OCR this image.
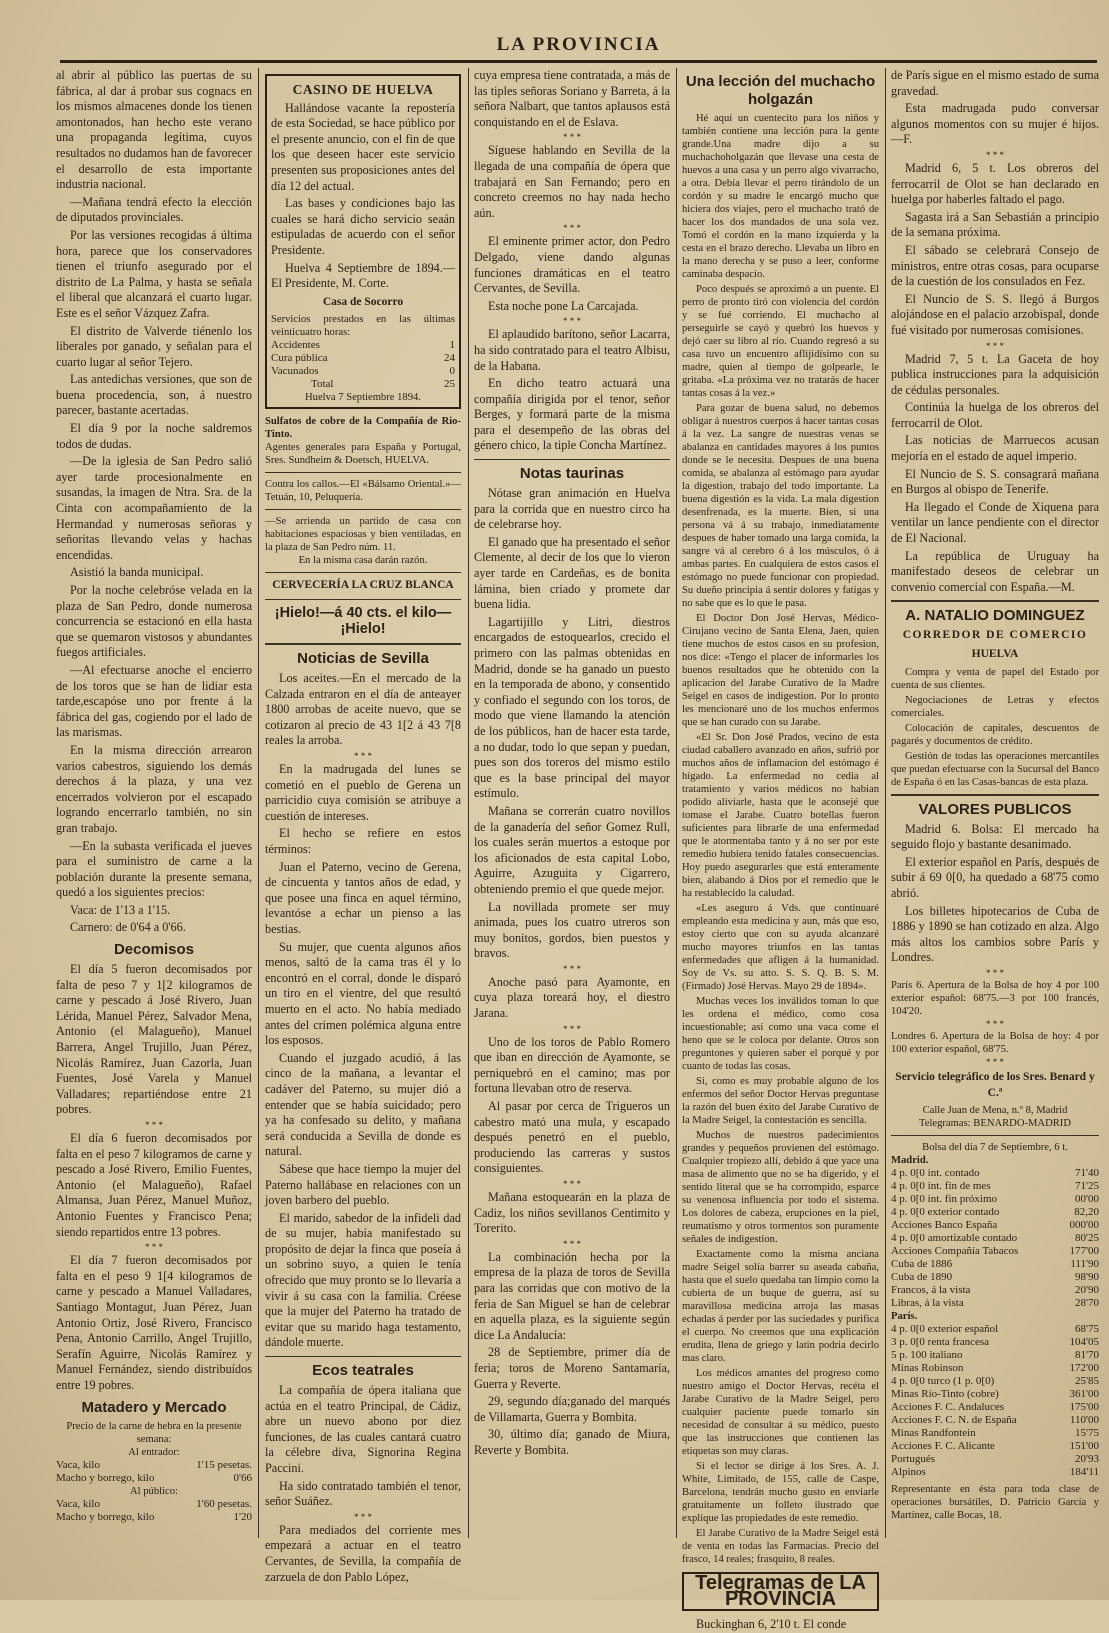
LA PROVINCIA

al abrir al público las puertas de su fábrica, al dar á probar sus cognacs en los mismos almacenes donde los tienen amontonados, han hecho este verano una propaganda legítima, cuyos resultados no dudamos han de favorecer el desarrollo de esta importante industria nacional.

—Mañana tendrá efecto la elección de diputados provinciales.

Por las versiones recogidas á última hora, parece que los conservadores tienen el triunfo asegurado por el distrito de La Palma, y hasta se señala el liberal que alcanzará el cuarto lugar. Este es el señor Vázquez Zafra.

El distrito de Valverde tiénenlo los liberales por ganado, y señalan para el cuarto lugar al señor Tejero.

Las antedichas versiones, que son de buena procedencia, son, á nuestro parecer, bastante acertadas.

El día 9 por la noche saldremos todos de dudas.

—De la iglesia de San Pedro salió ayer tarde procesionalmente en susandas, la imagen de Ntra. Sra. de la Cinta con acompañamiento de la Hermandad y numerosas señoras y señoritas llevando velas y hachas encendidas.

Asistió la banda municipal.

Por la noche celebróse velada en la plaza de San Pedro, donde numerosa concurrencia se estacionó en ella hasta que se quemaron vistosos y abundantes fuegos artificiales.

—Al efectuarse anoche el encierro de los toros que se han de lidiar esta tarde,escapóse uno por frente á la fábrica del gas, cogiendo por el lado de las marismas.

En la misma dirección arrearon varios cabestros, siguiendo los demás derechos á la plaza, y una vez encerrados volvieron por el escapado logrando encerrarlo también, no sin gran trabajo.

—En la subasta verificada el jueves para el suministro de carne a la población durante la presente semana, quedó a los siguientes precios:

Vaca: de 1'13 a 1'15.

Carnero: de 0'64 a 0'66.

Decomisos

El día 5 fueron decomisados por falta de peso 7 y 1[2 kilogramos de carne y pescado á José Rivero, Juan Lérida, Manuel Pérez, Salvador Mena, Antonio (el Malagueño), Manuel Barrera, Angel Trujillo, Juan Pérez, Nicolás Ramírez, Juan Cazorla, Juan Fuentes, José Varela y Manuel Valladares; repartiéndose entre 21 pobres.

* * *

El día 6 fueron decomisados por falta en el peso 7 kilogramos de carne y pescado a José Rivero, Emilio Fuentes, Antonio (el Malagueño), Rafael Almansa, Juan Pérez, Manuel Muñoz, Antonio Fuentes y Francisco Pena; siendo repartidos entre 13 pobres.

* * *

El día 7 fueron decomisados por falta en el peso 9 1[4 kilogramos de carne y pescado a Manuel Valladares, Santiago Montagut, Juan Pérez, Juan Antonio Ortiz, José Rivero, Francisco Pena, Antonio Carrillo, Angel Trujillo, Serafín Aguirre, Nicolás Ramírez y Manuel Fernández, siendo distribuídos entre 19 pobres.

Matadero y Mercado
Precio de la carne de hebra en la presente semana:
Al entrador:
Vaca, kilo	1'15 pesetas.
Macho y borrego, kilo	0'66
Al público:
Vaca, kilo	1'60 pesetas.
Macho y borrego, kilo	1'20
CASINO DE HUELVA

Hallándose vacante la repostería de esta Sociedad, se hace público por el presente anuncio, con el fin de que los que deseen hacer este servicio presenten sus proposiciones antes del día 12 del actual.

Las bases y condiciones bajo las cuales se hará dicho servicio seaán estipuladas de acuerdo con el señor Presidente.

Huelva 4 Septiembre de 1894.— El Presidente, M. Corte.

Casa de Socorro
Servicios prestados en las últimas veinticuatro horas:
Accidentes	1
Cura pública	24
Vacunados	0
Total	25
Huelva 7 Septiembre 1894.
Sulfatos de cobre de la Compañía de Rio-Tinto.
Agentes generales para España y Portugal, Sres. Sundheim & Doetsch, HUELVA.
Contra los callos.—El «Bálsamo Oriental.»—Tetuán, 10, Peluquería.
—Se arrienda un partido de casa con habitaciones espaciosas y bien ventiladas, en la plaza de San Pedro núm. 11.
En la misma casa darán razón.
CERVECERÍA LA CRUZ BLANCA
¡Hielo!—á 40 cts. el kilo—¡Hielo!
Noticias de Sevilla

Los aceites.—En el mercado de la Calzada entraron en el día de anteayer 1800 arrobas de aceite nuevo, que se cotizaron al precio de 43 1[2 á 43 7[8 reales la arroba.

* * *

En la madrugada del lunes se cometió en el pueblo de Gerena un parricidio cuya comisión se atribuye a cuestión de intereses.

El hecho se refiere en estos términos:

Juan el Paterno, vecino de Gerena, de cincuenta y tantos años de edad, y que posee una finca en aquel término, levantóse a echar un pienso a las bestias.

Su mujer, que cuenta algunos años menos, saltó de la cama tras él y lo encontró en el corral, donde le disparó un tiro en el vientre, del que resultó muerto en el acto. No había mediado antes del crimen polémica alguna entre los esposos.

Cuando el juzgado acudió, á las cinco de la mañana, a levantar el cadáver del Paterno, su mujer dió a entender que se había suicidado; pero ya ha confesado su delito, y mañana será conducida a Sevilla de donde es natural.

Sábese que hace tiempo la mujer del Paterno hallábase en relaciones con un joven barbero del pueblo.

El marido, sabedor de la infideli dad de su mujer, había manifestado su propósito de dejar la finca que poseía á un sobrino suyo, a quien le tenía ofrecido que muy pronto se lo llevaría a vivir á su casa con la familia. Créese que la mujer del Paterno ha tratado de evitar que su marido haga testamento, dándole muerte.

Ecos teatrales

La compañía de ópera italiana que actúa en el teatro Principal, de Cádiz, abre un nuevo abono por diez funciones, de las cuales cantará cuatro la célebre diva, Signorina Regina Paccini.

Ha sido contratado también el tenor, señor Suáñez.

* * *

Para mediados del corriente mes empezará a actuar en el teatro Cervantes, de Sevilla, la compañía de zarzuela de don Pablo López,

cuya empresa tiene contratada, a más de las tiples señoras Soriano y Barreta, á la señora Nalbart, que tantos aplausos está conquistando en el de Eslava.

* * *

Síguese hablando en Sevilla de la llegada de una compañía de ópera que trabajará en San Fernando; pero en concreto creemos no hay nada hecho aún.

* * *

El eminente primer actor, don Pedro Delgado, viene dando algunas funciones dramáticas en el teatro Cervantes, de Sevilla.

Esta noche pone La Carcajada.

* * *

El aplaudido barítono, señor Lacarra, ha sido contratado para el teatro Albisu, de la Habana.

En dicho teatro actuará una compañía dirigida por el tenor, señor Berges, y formará parte de la misma para el desempeño de las obras del género chico, la tiple Concha Martínez.

Notas taurinas

Nótase gran animación en Huelva para la corrida que en nuestro circo ha de celebrarse hoy.

El ganado que ha presentado el señor Clemente, al decir de los que lo vieron ayer tarde en Cardeñas, es de bonita lámina, bien criado y promete dar buena lidia.

Lagartijillo y Litri, diestros encargados de estoquearlos, crecido el primero con las palmas obtenidas en Madrid, donde se ha ganado un puesto en la temporada de abono, y consentido y confiado el segundo con los toros, de modo que viene llamando la atención de los públicos, han de hacer esta tarde, a no dudar, todo lo que sepan y puedan, pues son dos toreros del mismo estilo que es la base principal del mayor estímulo.

Mañana se correrán cuatro novillos de la ganadería del señor Gomez Rull, los cuales serán muertos a estoque por los aficionados de esta capital Lobo, Aguirre, Azuguita y Cigarrero, obteniendo premio el que quede mejor.

La novillada promete ser muy animada, pues los cuatro utreros son muy bonitos, gordos, bien puestos y bravos.

* * *

Anoche pasó para Ayamonte, en cuya plaza toreará hoy, el diestro Jarana.

* * *

Uno de los toros de Pablo Romero que iban en dirección de Ayamonte, se perniquebró en el camino; mas por fortuna llevaban otro de reserva.

Al pasar por cerca de Trigueros un cabestro mató una mula, y escapado después penetró en el pueblo, produciendo las carreras y sustos consiguientes.

* * *

Mañana estoquearán en la plaza de Cadiz, los niños sevillanos Centimito y Torerito.

* * *

La combinación hecha por la empresa de la plaza de toros de Sevilla para las corridas que con motivo de la feria de San Miguel se han de celebrar en aquella plaza, es la siguiente según dice La Andalucía:

28 de Septiembre, primer día de feria; toros de Moreno Santamaría, Guerra y Reverte.

29, segundo día;ganado del marqués de Villamarta, Guerra y Bombita.

30, último día; ganado de Miura, Reverte y Bombita.

Una lección del muchacho holgazán

Hé aquí un cuentecito para los niños y también contiene una lección para la gente grande.Una madre dijo a su muchachoholgazán que llevase una cesta de huevos a una casa y un perro algo vivarracho, a otra. Debía llevar el perro tirándolo de un cordón y su madre le encargó mucho que hiciera dos viajes, pero el muchacho trató de hacer los dos mandados de una sola vez. Tomó el cordón en la mano izquierda y la cesta en el brazo derecho. Llevaba un libro en la mano derecha y se puso a leer, conforme caminaba despacio.

Poco después se aproximó a un puente. El perro de pronto tiró con violencia del cordón y se fué corriendo. El muchacho al perseguirle se cayó y quebró los huevos y dejó caer su libro al río. Cuando regresó a su casa tuvo un encuentro aflijidísimo con su madre, quien al tiempo de golpearle, le gritaba. «La próxima vez no tratarás de hacer tantas cosas á la vez.»

Para gozar de buena salud, no debemos obligar á nuestros cuerpos á hacer tantas cosas á la vez. La sangre de nuestras venas se abalanza en cantidades mayores á los puntos donde se le necesita. Despues de una buena comida, se abalanza al estómago para ayudar la digestion, trabajo del todo importante. La buena digestión es la vida. La mala digestion desenfrenada, es la muerte. Bien, si una persona vá á su trabajo, inmediatamente despues de haber tomado una larga comida, la sangre vá al cerebro ó á los músculos, ó á ambas partes. En cualquiera de estos casos el estómago no puede funcionar con propiedad. Su dueño principia á sentir dolores y fatigas y no sabe que es lo que le pasa.

El Doctor Don José Hervas, Médico-Cirujano vecino de Santa Elena, Jaen, quien tiene muchos de estos casos en su profesion, nos dice: «Tengo el placer de informarles los buenos resultados que he obtenido con la aplicacion del Jarabe Curativo de la Madre Seigel en casos de indigestion. Por lo pronto les mencionaré uno de los muchos enfermos que se han curado con su Jarabe.

«El Sr. Don José Prados, vecino de esta ciudad caballero avanzado en años, sufrió por muchos años de inflamacion del estómago é hígado. La enfermedad no cedia al tratamiento y varios médicos no habian podido aliviarle, hasta que le aconsejé que tomase el Jarabe. Cuatro botellas fueron suficientes para librarle de una enfermedad que le atormentaba tanto y á no ser por este remedio hubiera tenido fatales consecuencias. Hoy puedo asegurarles que está enteramente bien, alabando á Dios por el remedio que le ha restablecido la caludad.

«Les aseguro á Vds. que continuaré empleando esta medicina y aun, más que eso, estoy cierto que con su ayuda alcanzaré mucho mayores triunfos en las tantas enfermedades que afligen á la humanidad. Soy de Vs. su atto. S. S. Q. B. S. M. (Firmado) José Hervas. Mayo 29 de 1894».

Muchas veces los inválidos toman lo que les ordena el médico, como cosa incuestionable; así como una vaca come el heno que se le coloca por delante. Otros son preguntones y quieren saber el porqué y por cuanto de todas las cosas.

Si, como es muy probable alguno de los enfermos del señor Doctor Hervas preguntase la razón del buen éxito del Jarabe Curativo de la Madre Seigel, la contestación es sencilla.

Muchos de nuestros padecimientos grandes y pequeños provienen del estómago. Cualquier tropiezo allí, debido á que yace una masa de alimento que no se ha digerido, y el sentido literal que se ha corrompido, esparce su venenosa influencia por todo el sistema. Los dolores de cabeza, erupciones en la piel, reumatismo y otros tormentos son puramente señales de indigestion.

Exactamente como la misma anciana madre Seigel solía barrer su aseada cabaña, hasta que el suelo quedaba tan limpio como la cubierta de un buque de guerra, así su maravillosa medicina arroja las masas echadas á perder por las suciedades y purifica el cuerpo. No creemos que una explicación erudita, llena de griego y latin podria decirlo mas claro.

Los médicos amantes del progreso como nuestro amigo el Doctor Hervas, recéta el Jarabe Curativo de la Madre Seigel, pero cualquier paciente puede tomarlo sin necesidad de consultar á su médico, puesto que las instrucciones que contienen las etiquetas son muy claras.

Si el lector se dirige á los Sres. A. J. White, Limitado, de 155, calle de Caspe, Barcelona, tendrán mucho gusto en enviarle gratuitamente un folleto ilustrado que explique las propiedades de este remedio.

El Jarabe Curativo de la Madre Seigel está de venta en todas las Farmacias. Precio del frasco, 14 reales; frasquito, 8 reales.

Telegramas de LA PROVINCIA

Buckinghan 6, 2'10 t. El conde

de París sigue en el mismo estado de suma gravedad.

Esta madrugada pudo conversar algunos momentos con su mujer é hijos.—F.

* * *

Madrid 6, 5 t. Los obreros del ferrocarril de Olot se han declarado en huelga por haberles faltado el pago.

Sagasta irá a San Sebastián a principio de la semana próxima.

El sábado se celebrará Consejo de ministros, entre otras cosas, para ocuparse de la cuestión de los consulados en Fez.

El Nuncio de S. S. llegó á Burgos alojándose en el palacio arzobispal, donde fué visitado por numerosas comisiones.

* * *

Madrid 7, 5 t. La Gaceta de hoy publica instrucciones para la adquisición de cédulas personales.

Continúa la huelga de los obreros del ferrocarril de Olot.

Las noticias de Marruecos acusan mejoría en el estado de aquel imperio.

El Nuncio de S. S. consagrará mañana en Burgos al obispo de Tenerife.

Ha llegado el Conde de Xiquena para ventilar un lance pendiente con el director de El Nacional.

La república de Uruguay ha manifestado deseos de celebrar un convenio comercial con España.—M.

A. NATALIO DOMINGUEZ
CORREDOR DE COMERCIO
HUELVA

Compra y venta de papel del Estado por cuenta de sus clientes.

Negociaciones de Letras y efectos comerciales.

Colocación de capitales, descuentos de pagarés y documentos de crédito.

Gestión de todas las operaciones mercantiles que puedan efectuarse con la Sucursal del Banco de España ó en las Casas-bancas de esta plaza.

VALORES PUBLICOS

Madrid 6. Bolsa: El mercado ha seguido flojo y bastante desanimado.

El exterior español en París, después de subir á 69 0[0, ha quedado a 68'75 como abrió.

Los billetes hipotecarios de Cuba de 1886 y 1890 se han cotizado en alza. Algo más altos los cambios sobre París y Londres.

* * *
París 6. Apertura de la Bolsa de hoy 4 por 100 exterior español: 68'75.—3 por 100 francés, 104'20.
* * *
Londres 6. Apertura de la Bolsa de hoy: 4 por 100 exterior español, 68'75.
* * *
Servicio telegráfico de los Sres. Benard y C.ª
Calle Juan de Mena, n.º 8, Madrid
Telegramas: BENARDO-MADRID
Bolsa del día 7 de Septiembre, 6 t.
Madrid.
4 p. 0[0 int. contado	71'40
4 p. 0[0 int. fin de mes	71'25
4 p. 0[0 int. fin próximo	00'00
4 p. 0[0 exterior contado	82,20
Acciones Banco España	000'00
4 p. 0[0 amortizable contado	80'25
Acciones Compañía Tabacos	177'00
Cuba de 1886	111'90
Cuba de 1890	98'90
Francos, á la vista	20'90
Libras, á la vista	28'70
París.
4 p. 0[0 exterior español	68'75
3 p. 0[0 renta francesa	104'05
5 p. 100 italiano	81'70
Minas Robinson	172'00
4 p. 0[0 turco (1 p. 0[0)	25'85
Minas Río-Tinto (cobre)	361'00
Acciones F. C. Andaluces	175'00
Acciones F. C. N. de España	110'00
Minas Randfontein	15'75
Acciones F. C. Alicante	151'00
Portugués	20'93
Alpinos	184'11
Representante en ésta para toda clase de operaciones bursátiles, D. Patricio García y Martínez, calle Bocas, 18.
